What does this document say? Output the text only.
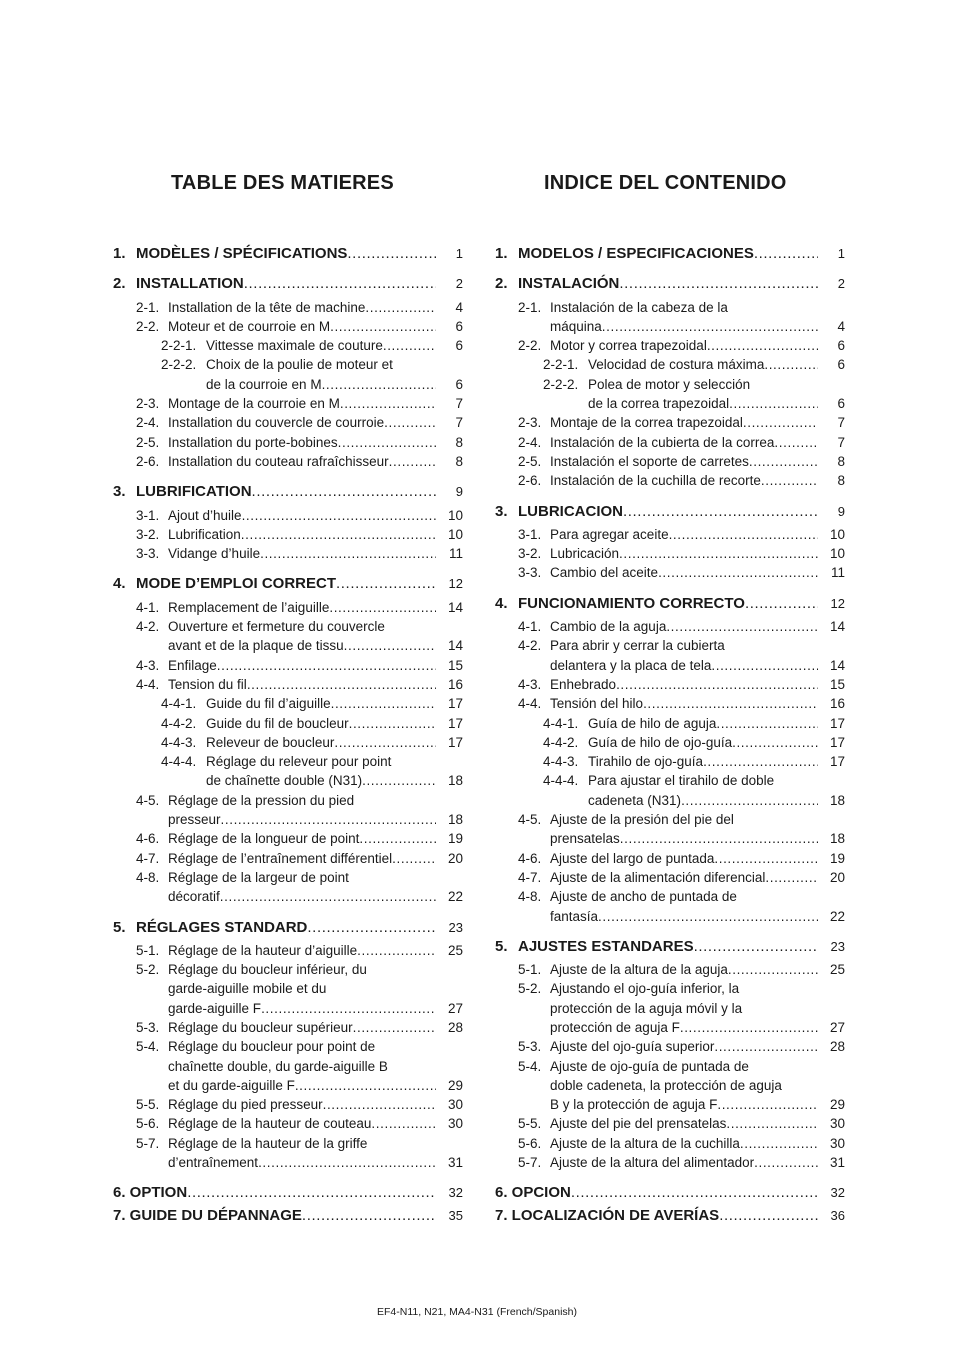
TABLE DES MATIERES
1. MODÈLES / SPÉCIFICATIONS .....	1
2. INSTALLATION .....	2
2-1. Installation de la tête de machine .....	4
2-2. Moteur et de courroie en M .....	6
2-2-1. Vittesse maximale de couture .....	6
2-2-2. Choix de la poulie de moteur et
de la courroie en M .....	6
2-3. Montage de la courroie en M .....	7
2-4. Installation du couvercle de courroie .....	7
2-5. Installation du porte-bobines .....	8
2-6. Installation du couteau rafraîchisseur .....	8
3. LUBRIFICATION .....	9
3-1. Ajout d’huile .....	10
3-2. Lubrification .....	10
3-3. Vidange d’huile .....	11
4. MODE D’EMPLOI CORRECT .....	12
4-1. Remplacement de l’aiguille .....	14
4-2. Ouverture et fermeture du couvercle
avant et de la plaque de tissu .....	14
4-3. Enfilage .....	15
4-4. Tension du fil .....	16
4-4-1. Guide du fil d’aiguille .....	17
4-4-2. Guide du fil de boucleur .....	17
4-4-3. Releveur de boucleur .....	17
4-4-4. Réglage du releveur pour point
de chaînette double (N31) .....	18
4-5. Réglage de la pression du pied
presseur .....	18
4-6. Réglage de la longueur de point .....	19
4-7. Réglage de l’entraînement différentiel .....	20
4-8. Réglage de la largeur de point
décoratif .....	22
5. RÉGLAGES STANDARD .....	23
5-1. Réglage de la hauteur d’aiguille .....	25
5-2. Réglage du boucleur inférieur, du
garde-aiguille mobile et du
garde-aiguille F .....	27
5-3. Réglage du boucleur supérieur .....	28
5-4. Réglage du boucleur pour point de
chaînette double, du garde-aiguille B
et du garde-aiguille F .....	29
5-5. Réglage du pied presseur .....	30
5-6. Réglage de la hauteur de couteau .....	30
5-7. Réglage de la hauteur de la griffe
d’entraînement .....	31
6. OPTION .....	32
7. GUIDE DU DÉPANNAGE .....	35
INDICE DEL CONTENIDO
1. MODELOS / ESPECIFICACIONES .....	1
2. INSTALACIÓN .....	2
2-1. Instalación de la cabeza de la
máquina .....	4
2-2. Motor y correa trapezoidal .....	6
2-2-1. Velocidad de costura máxima .....	6
2-2-2. Polea de motor y selección
de la correa trapezoidal .....	6
2-3. Montaje de la correa trapezoidal .....	7
2-4. Instalación de la cubierta de la correa .....	7
2-5. Instalación el soporte de carretes .....	8
2-6. Instalación de la cuchilla de recorte .....	8
3. LUBRICACION .....	9
3-1. Para agregar aceite .....	10
3-2. Lubricación .....	10
3-3. Cambio del aceite .....	11
4. FUNCIONAMIENTO CORRECTO .....	12
4-1. Cambio de la aguja .....	14
4-2. Para abrir y cerrar la cubierta
delantera y la placa de tela .....	14
4-3. Enhebrado .....	15
4-4. Tensión del hilo .....	16
4-4-1. Guía de hilo de aguja .....	17
4-4-2. Guía de hilo de ojo-guía .....	17
4-4-3. Tirahilo de ojo-guía .....	17
4-4-4. Para ajustar el tirahilo de doble
cadeneta (N31) .....	18
4-5. Ajuste de la presión del pie del
prensatelas .....	18
4-6. Ajuste del largo de puntada .....	19
4-7. Ajuste de la alimentación diferencial .....	20
4-8. Ajuste de ancho de puntada de
fantasía .....	22
5. AJUSTES ESTANDARES .....	23
5-1. Ajuste de la altura de la aguja .....	25
5-2. Ajustando el ojo-guía inferior, la
protección de la aguja móvil y la
protección de aguja F .....	27
5-3. Ajuste del ojo-guía superior .....	28
5-4. Ajuste de ojo-guía de puntada de
doble cadeneta, la protección de aguja
B y la protección de aguja F .....	29
5-5. Ajuste del pie del prensatelas .....	30
5-6. Ajuste de la altura de la cuchilla .....	30
5-7. Ajuste de la altura del alimentador .....	31
6. OPCION .....	32
7. LOCALIZACIÓN DE AVERÍAS .....	36
EF4-N11, N21, MA4-N31 (French/Spanish)
